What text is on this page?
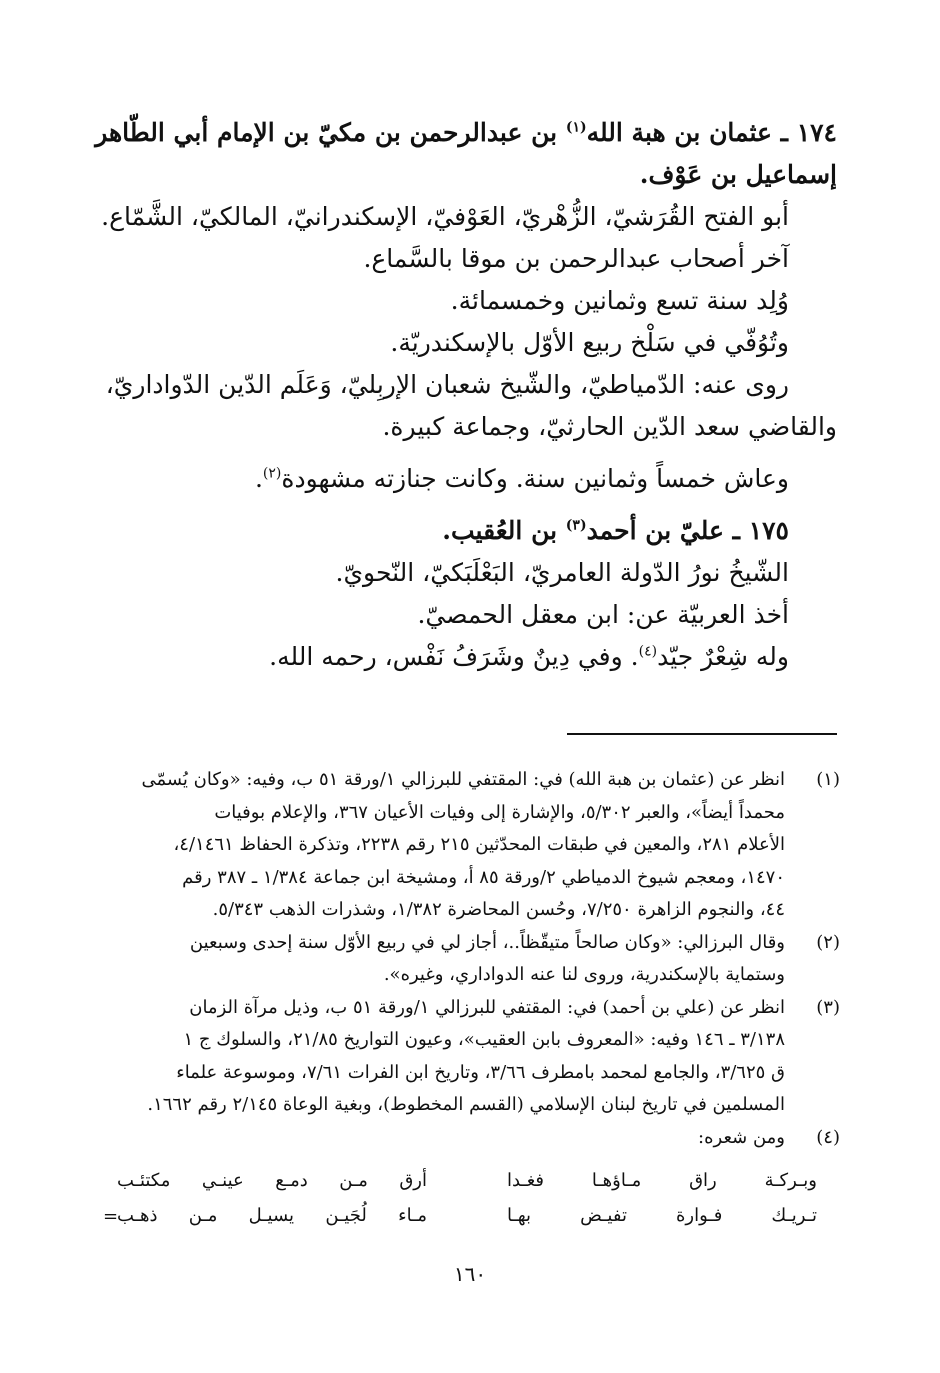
١٧٤ ـ عثمان بن هبة الله$^{(١)}$ بن عبدالرحمن بن مكيّ بن الإمام أبي الطّاهر

إسماعيل بن عَوْف.

أبو الفتح القُرَشيّ، الزُّهْريّ، العَوْفيّ، الإسكندرانيّ، المالكيّ، الشَّمّاع.

آخر أصحاب عبدالرحمن بن موقا بالسَّماع.

وُلِد سنة تسع وثمانين وخمسمائة.

وتُوُفّي في سَلْخ ربيع الأوّل بالإسكندريّة.

روى عنه: الدّمياطيّ، والشّيخ شعبان الإربِليّ، وَعَلَم الدّين الدّواداريّ،

والقاضي سعد الدّين الحارثيّ، وجماعة كبيرة.

وعاش خمساً وثمانين سنة. وكانت جنازته مشهودة$^{(٢)}$.

١٧٥ ـ عليّ بن أحمد$^{(٣)}$ بن العُقيب.

الشّيخُ نورُ الدّولة العامريّ، البَعْلَبَكيّ، النّحويّ.

أخذ العربيّة عن: ابن معقل الحمصيّ.

وله شِعْرٌ جيّد$^{(٤)}$. وفي دِينٌ وشَرَفُ نَفْس، رحمه الله.

(١)
انظر عن (عثمان بن هبة الله) في: المقتفي للبرزالي ١/ورقة ٥١ ب، وفيه: «وكان يُسمّى
محمداً أيضاً»، والعبر ٥/٣٠٢، والإشارة إلى وفيات الأعيان ٣٦٧، والإعلام بوفيات
الأعلام ٢٨١، والمعين في طبقات المحدّثين ٢١٥ رقم ٢٢٣٨، وتذكرة الحفاظ ٤/١٤٦١،
١٤٧٠، ومعجم شيوخ الدمياطي ٢/ورقة ٨٥ أ، ومشيخة ابن جماعة ١/٣٨٤ ـ ٣٨٧ رقم
٤٤، والنجوم الزاهرة ٧/٢٥٠، وحُسن المحاضرة ١/٣٨٢، وشذرات الذهب ٥/٣٤٣.
(٢)
وقال البرزالي: «وكان صالحاً متيقّظاً..، أجاز لي في ربيع الأوّل سنة إحدى وسبعين
وستماية بالإسكندرية، وروى لنا عنه الدواداري، وغيره».
(٣)
انظر عن (علي بن أحمد) في: المقتفي للبرزالي ١/ورقة ٥١ ب، وذيل مرآة الزمان
٣/١٣٨ ـ ١٤٦ وفيه: «المعروف بابن العقيب»، وعيون التواريخ ٢١/٨٥، والسلوك ج ١
ق ٣/٦٢٥، والجامع لمحمد بامطرف ٣/٦٦، وتاريخ ابن الفرات ٧/٦١، وموسوعة علماء
المسلمين في تاريخ لبنان الإسلامي (القسم المخطوط)، وبغية الوعاة ٢/١٤٥ رقم ١٦٦٢.
(٤)
ومن شعره:
وبـركـة راق مـاؤهـا فغـدا
أرق مـن دمـع عينـي مكتئـب
تـريـك فـوارة تفيـض بهـا
مـاء لُجَيـن يسيـل مـن ذهـب
=
١٦٠
